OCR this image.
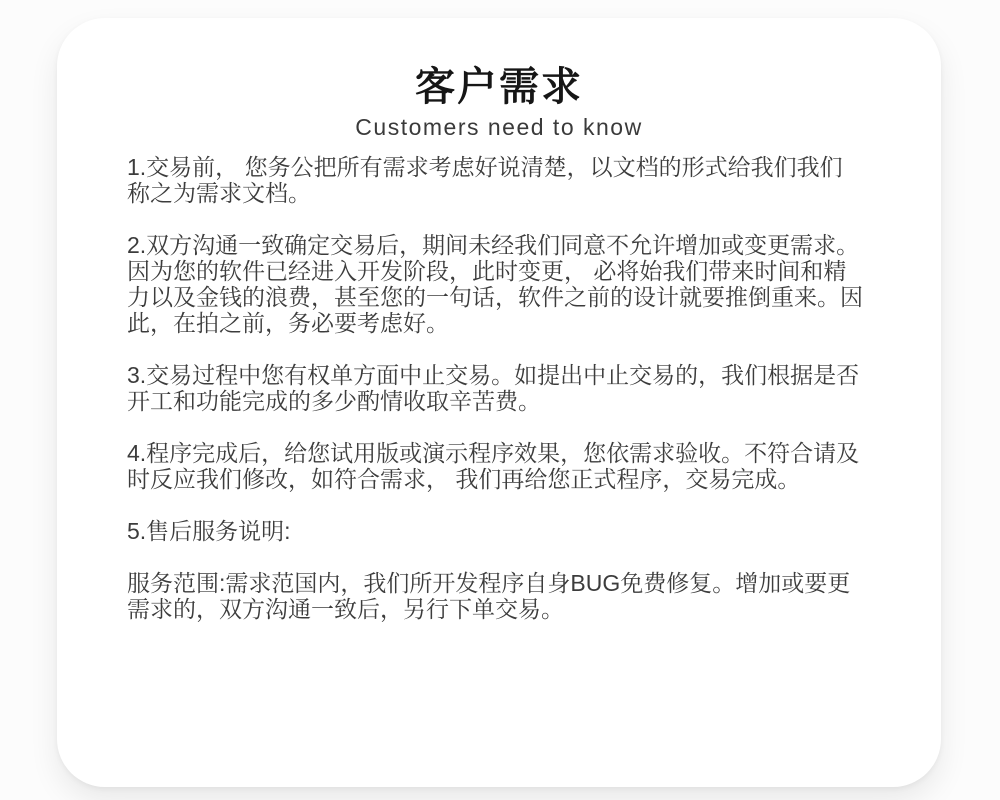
客户需求
Customers need to know

1.交易前， 您务公把所有需求考虑好说清楚，以文档的形式给我们我们称之为需求文档。

2.双方沟通一致确定交易后，期间未经我们同意不允许增加或变更需求。因为您的软件已经进入开发阶段，此时变更， 必将始我们带来时间和精力以及金钱的浪费，甚至您的一句话，软件之前的设计就要推倒重来。因此，在拍之前，务必要考虑好。

3.交易过程中您有权单方面中止交易。如提出中止交易的，我们根据是否开工和功能完成的多少酌情收取辛苦费。

4.程序完成后，给您试用版或演示程序效果，您依需求验收。不符合请及时反应我们修改，如符合需求， 我们再给您正式程序，交易完成。

5.售后服务说明:

服务范围:需求范国内，我们所开发程序自身BUG免费修复。增加或要更需求的，双方沟通一致后，另行下单交易。
